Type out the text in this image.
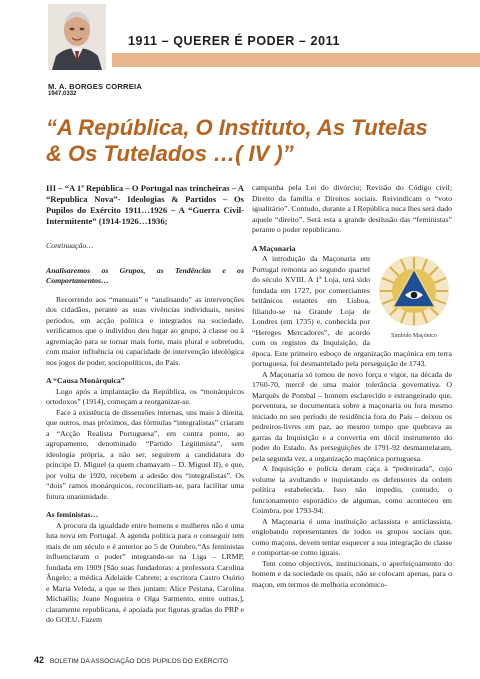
1911 – QUERER É PODER – 2011
M. A. BORGES CORREIA
1947.0332
“A República, O Instituto, As Tutelas & Os Tutelados …( IV )”

III – “A 1ª República – O Portugal nas trincheiras – A “Republica Nova”- Ideologias & Partidos – Os Pupilos do Exército 1911…1926 – A “Guerra Civil-Intermitente” (1914-1926…1936;

Continuação…

Analisaremos os Grupos, as Tendências e os Comportamentos…

Recorrendo aos “manuais” e “analisando” as intervenções dos cidadãos, perante as suas vivências individuais, nestes períodos, em acção política e integrados na sociedade, verificamos que o indivíduo deu lugar ao grupo, à classe ou à agremiação para se tornar mais forte, mais plural e sobretudo, com maior influência ou capacidade de intervenção ideológica nos jogos de poder, sociopolíticos, do País.

A “Causa Monárquica”

Logo após a implantação da República, os “monárquicos ortodoxos” (1914), começam a reorganizar-se.

Face à existência de dissensões internas, uns mais à direita, que outros, mas próximos, das fórmulas “integralistas” criaram a “Acção Realista Portuguesa”, em contra ponto, ao agrupamento, denominado “Partido Legitimista”, sem ideologia própria, a não ser, seguirem a candidatura do príncipe D. Miguel (a quem chamavam – D. Miguel II), e que, por volta de 1920, recebem a adesão dos “integralistas”. Os “dois” ramos monárquicos, reconciliam-se, para facilitar uma futura unanimidade.

As feministas…

A procura da igualdade entre homens e mulheres não é uma luta nova em Portugal. A agenda política para o conseguir tem mais de um século e é anterior ao 5 de Outubro.“As feministas influenciaram o poder” integrando-se na Liga – LRMP, fundada em 1909 [São suas fundadoras: a professora Carolina Ângelo; a médica Adelaide Cabrete; a escritora Castro Osório e Maria Veleda, a que se lhes juntam: Alice Pestana, Carolina Michaëlis; Jeane Nogueira e Olga Sarmento, entre outras.], claramente republicana, é apoiada por figuras gradas do PRP e do GOLU. Fazem

campanha pela Lei do divórcio; Revisão do Código civil; Direito da família e Direitos sociais. Reivindicam o “voto igualitário”. Contudo, durante a I República nuca lhes será dado aquele “direito”. Será esta a grande desilusão das “feministas” perante o poder republicano.

A Maçonaria

Símbolo Maçónico

A introdução da Maçonaria em Portugal remonta ao segundo quartel do século XVIII. A 1ª Loja, terá sido fundada em 1727, por comerciantes britânicos estantes em Lisboa, filiando-se na Grande Loja de Londres (em 1735) e, conhecida por “Hereges Mercadores”, de acordo com os registos da Inquisição, da época. Este primeiro esboço de organização maçónica em terra portuguesa, foi desmantelado pela perseguição de 1743.

A Maçonaria só tomou de novo força e vigor, na década de 1760-70, mercê de uma maior tolerância governativa. O Marquês de Pombal – homem esclarecido e estrangeirado que, porventura, se documentara sobre a maçonaria ou fora mesmo iniciado no seu período de residência fora do País – deixou os pedreiros-livres em paz, ao mesmo tempo que quebrava as garras da Inquisição e a convertia em dócil instrumento do poder do Estado. As perseguições de 1791-92 desmantelaram, pela segunda vez, a organização maçónica portuguesa.

A Inquisição e polícia deram caça à “pedreirada”, cujo volume ia avultando e inquietando os defensores da ordem política estabelecida. Isso não impediu, contudo, o funcionamento esporádico de algumas, como aconteceu em Coimbra, por 1793-94:

A Maçonaria é uma instituição aclassista e anticlassista, englobando representantes de todos os grupos sociais que, como maçons, devem tentar esquecer a sua integração de classe e comportar-se como iguais.

Tem como objectivos, institucionais, o aperfeiçoamento do homem e da sociedade os quais, não se colocam apenas, para o maçon, em termos de melhoria económico-

42 BOLETIM DA ASSOCIAÇÃO DOS PUPILOS DO EXÉRCITO
